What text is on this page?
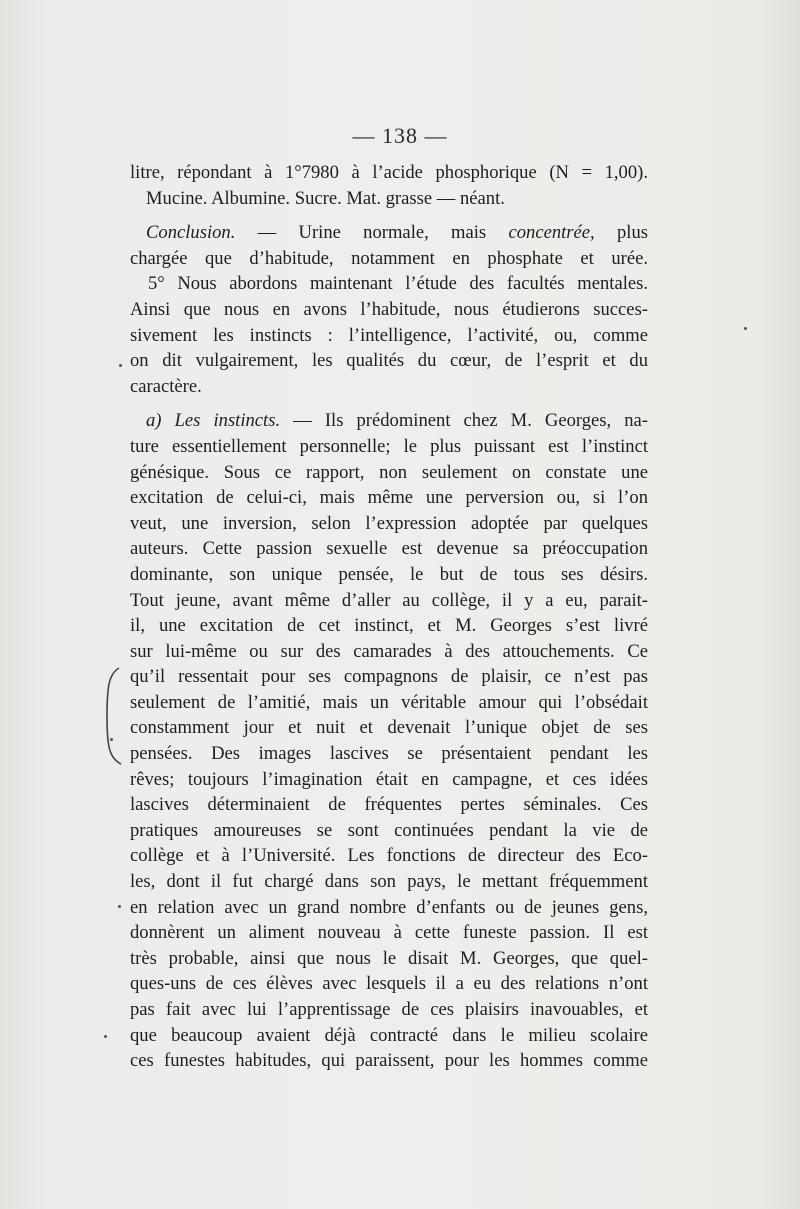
— 138 —
litre, répondant à 1°7980 à l’acide phosphorique (N = 1,00).
Mucine. Albumine. Sucre. Mat. grasse — néant.
Conclusion. — Urine normale, mais concentrée, plus
chargée que d’habitude, notamment en phosphate et urée.
5° Nous abordons maintenant l’étude des facultés mentales.
Ainsi que nous en avons l’habitude, nous étudierons succes-
sivement les instincts : l’intelligence, l’activité, ou, comme
on dit vulgairement, les qualités du cœur, de l’esprit et du
caractère.
a) Les instincts. — Ils prédominent chez M. Georges, na-
ture essentiellement personnelle; le plus puissant est l’instinct
génésique. Sous ce rapport, non seulement on constate une
excitation de celui-ci, mais même une perversion ou, si l’on
veut, une inversion, selon l’expression adoptée par quelques
auteurs. Cette passion sexuelle est devenue sa préoccupation
dominante, son unique pensée, le but de tous ses désirs.
Tout jeune, avant même d’aller au collège, il y a eu, parait-
il, une excitation de cet instinct, et M. Georges s’est livré
sur lui-même ou sur des camarades à des attouchements. Ce
qu’il ressentait pour ses compagnons de plaisir, ce n’est pas
seulement de l’amitié, mais un véritable amour qui l’obsédait
constamment jour et nuit et devenait l’unique objet de ses
pensées. Des images lascives se présentaient pendant les
rêves; toujours l’imagination était en campagne, et ces idées
lascives déterminaient de fréquentes pertes séminales. Ces
pratiques amoureuses se sont continuées pendant la vie de
collège et à l’Université. Les fonctions de directeur des Eco-
les, dont il fut chargé dans son pays, le mettant fréquemment
en relation avec un grand nombre d’enfants ou de jeunes gens,
donnèrent un aliment nouveau à cette funeste passion. Il est
très probable, ainsi que nous le disait M. Georges, que quel-
ques-uns de ces élèves avec lesquels il a eu des relations n’ont
pas fait avec lui l’apprentissage de ces plaisirs inavouables, et
que beaucoup avaient déjà contracté dans le milieu scolaire
ces funestes habitudes, qui paraissent, pour les hommes comme
